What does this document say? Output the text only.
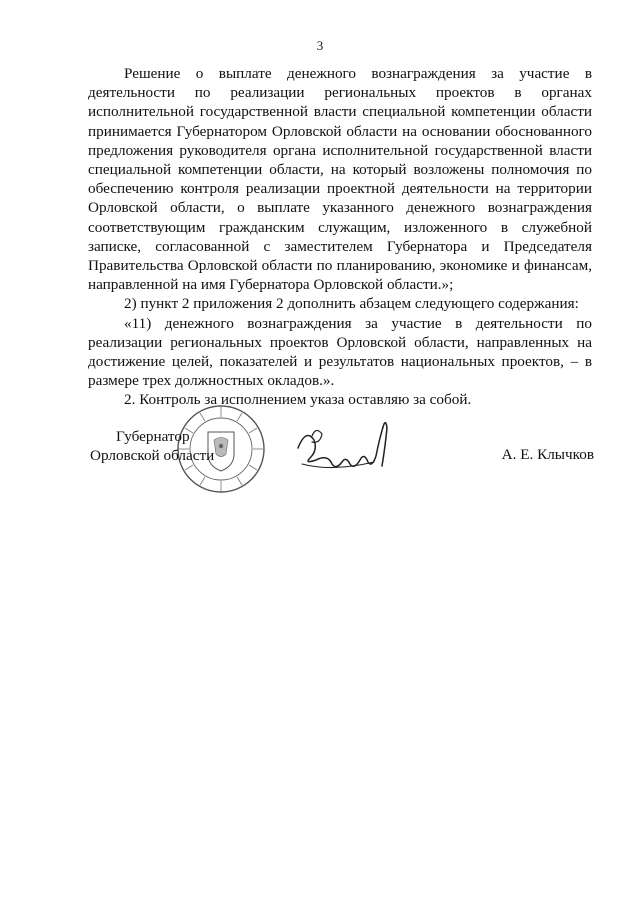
3

Решение о выплате денежного вознаграждения за участие в деятельности по реализации региональных проектов в органах исполнительной государственной власти специальной компетенции области принимается Губернатором Орловской области на основании обоснованного предложения руководителя органа исполнительной государственной власти специальной компетенции области, на который возложены полномочия по обеспечению контроля реализации проектной деятельности на территории Орловской области, о выплате указанного денежного вознаграждения соответствующим гражданским служащим, изложенного в служебной записке, согласованной с заместителем Губернатора и Председателя Правительства Орловской области по планированию, экономике и финансам, направленной на имя Губернатора Орловской области.»;

2) пункт 2 приложения 2 дополнить абзацем следующего содержания:

«11) денежного вознаграждения за участие в деятельности по реализации региональных проектов Орловской области, направленных на достижение целей, показателей и результатов национальных проектов, – в размере трех должностных окладов.».

2. Контроль за исполнением указа оставляю за собой.

Губернатор
Орловской области	А. Е. Клычков
